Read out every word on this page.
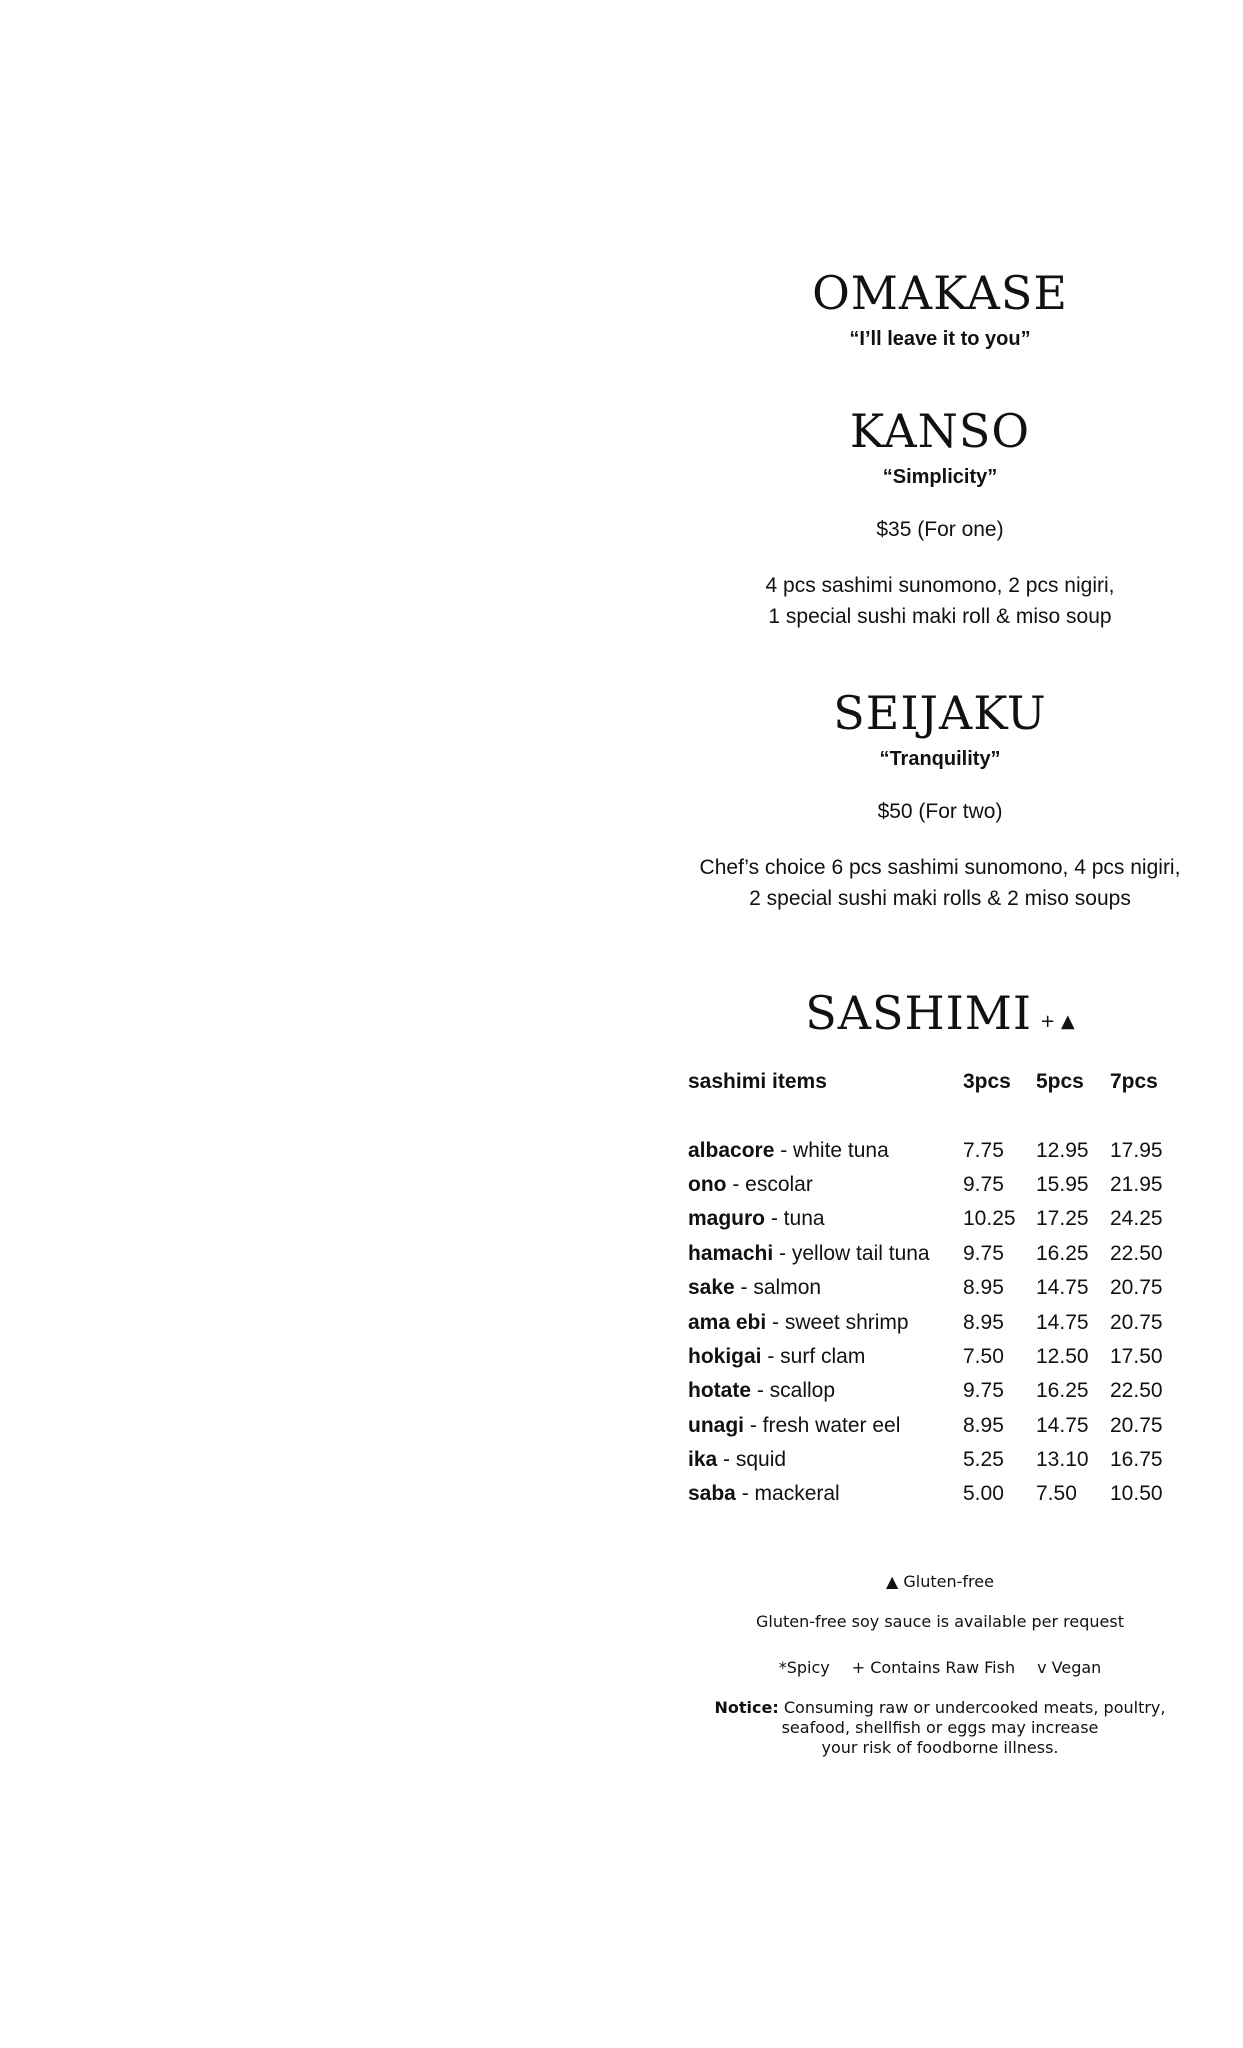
OMAKASE

“I’ll leave it to you”

KANSO

“Simplicity”

$35 (For one)

4 pcs sashimi sunomono, 2 pcs nigiri,

1 special sushi maki roll & miso soup

SEIJAKU

“Tranquility”

$50 (For two)

Chef’s choice 6 pcs sashimi sunomono, 4 pcs nigiri,

2 special sushi maki rolls & 2 miso soups

SASHIMI + ▲
sashimi items	3pcs	5pcs	7pcs

albacore - white tuna	7.75	12.95	17.95
ono - escolar	9.75	15.95	21.95
maguro - tuna	10.25	17.25	24.25
hamachi - yellow tail tuna	9.75	16.25	22.50
sake - salmon	8.95	14.75	20.75
ama ebi - sweet shrimp	8.95	14.75	20.75
hokigai - surf clam	7.50	12.50	17.50
hotate - scallop	9.75	16.25	22.50
unagi - fresh water eel	8.95	14.75	20.75
ika - squid	5.25	13.10	16.75
saba - mackeral	5.00	7.50	10.50
▲ Gluten-free
Gluten-free soy sauce is available per request
*Spicy + Contains Raw Fish v Vegan
Notice: Consuming raw or undercooked meats, poultry,
seafood, shellfish or eggs may increase
your risk of foodborne illness.
